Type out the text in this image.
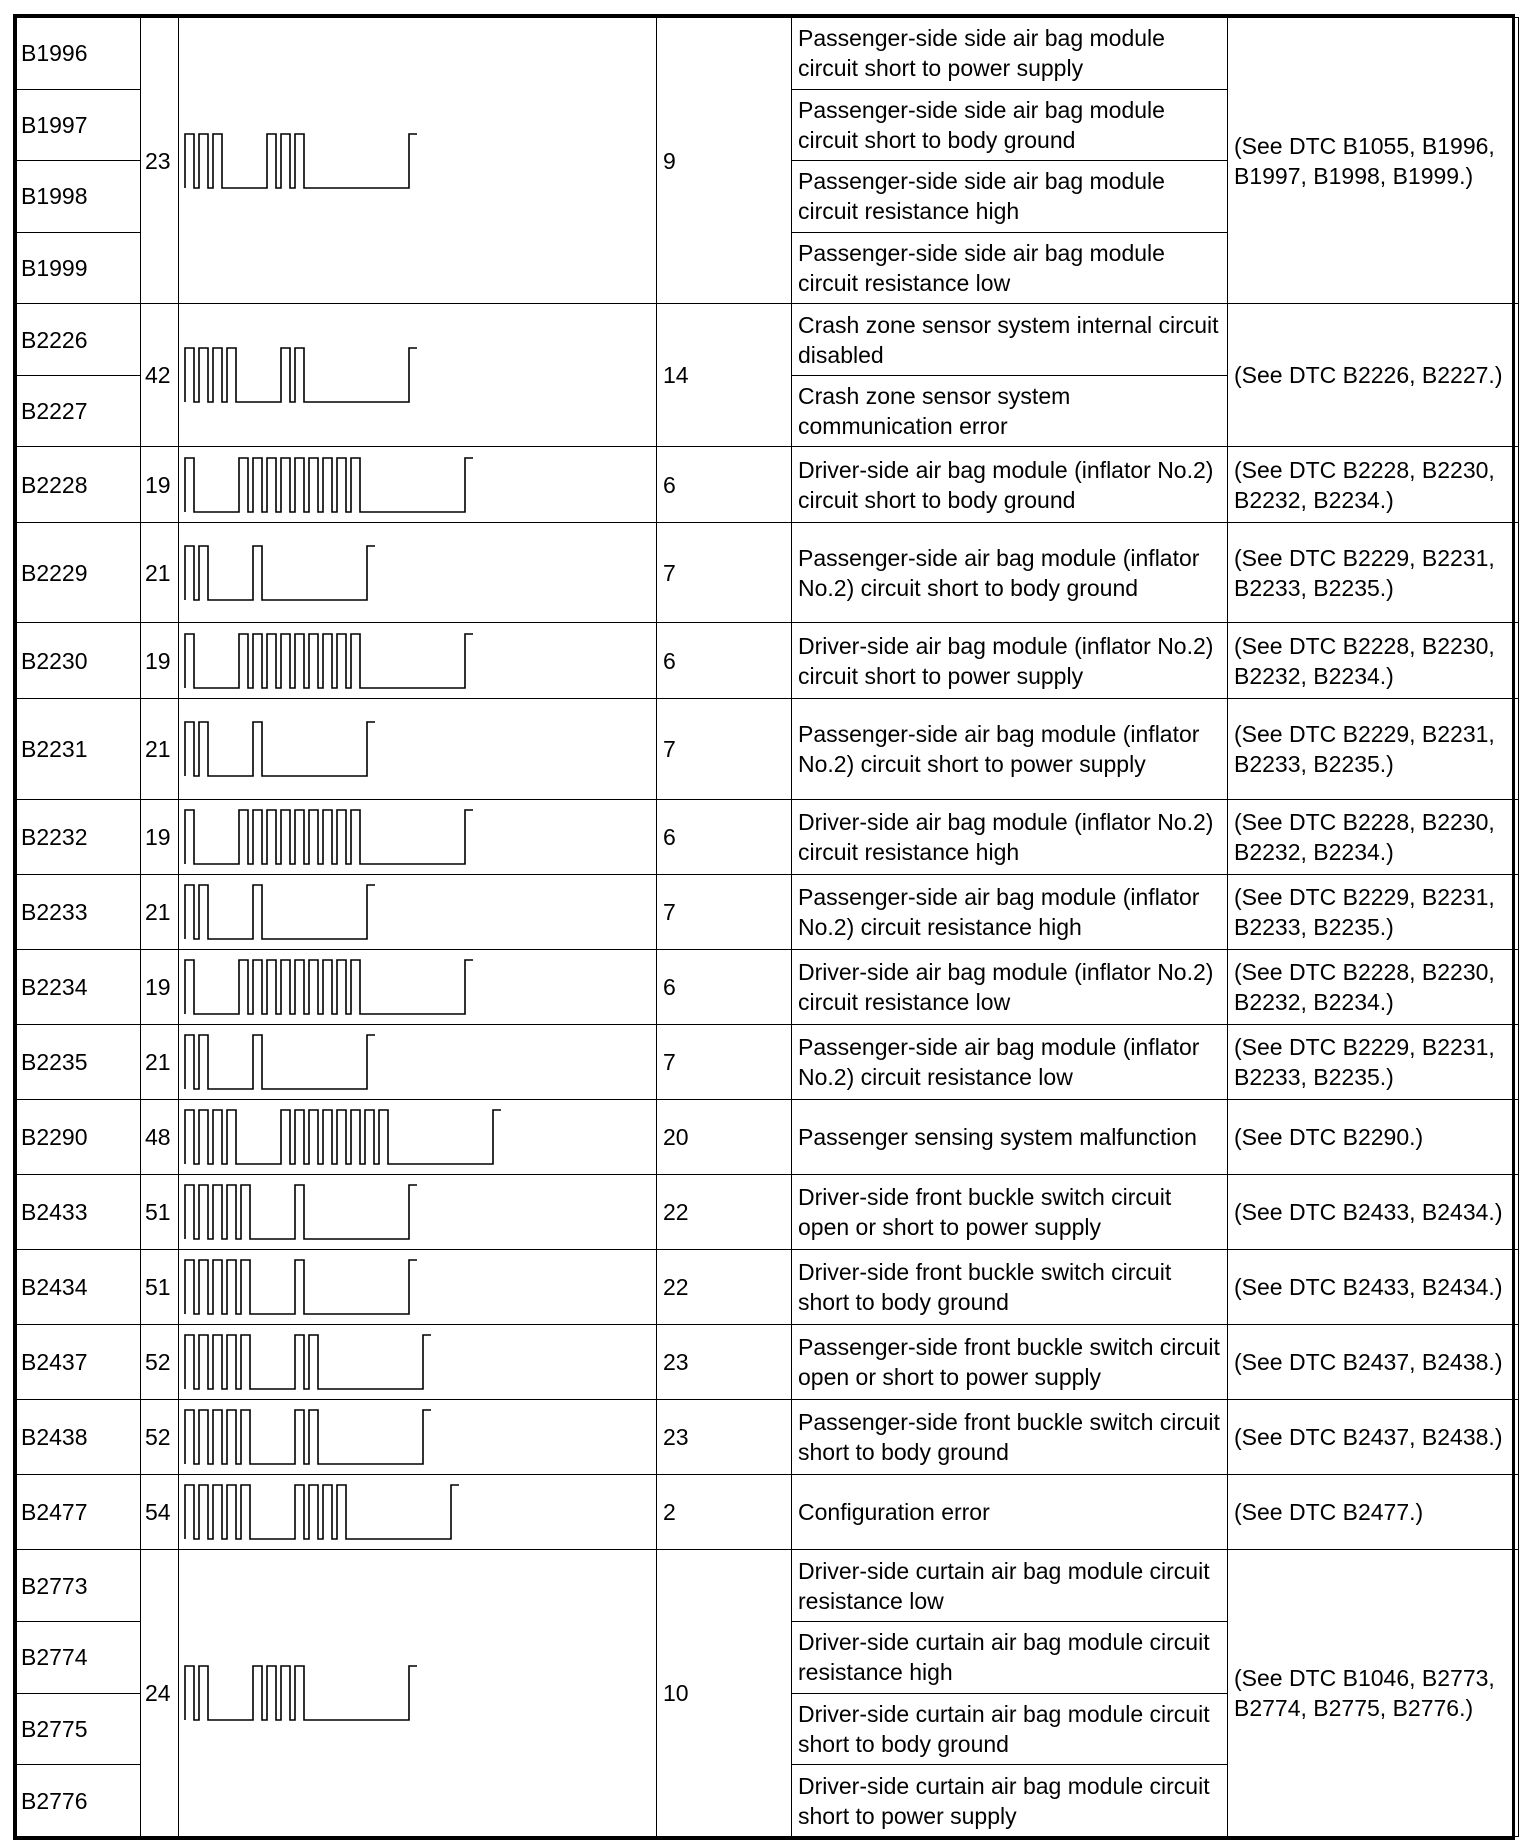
B1996	23		9	Passenger-side side air bag module circuit short to power supply	(See DTC B1055, B1996, B1997, B1998, B1999.)
B1997				Passenger-side side air bag module circuit short to body ground	
B1998				Passenger-side side air bag module circuit resistance high	
B1999				Passenger-side side air bag module circuit resistance low	
B2226	42		14	Crash zone sensor system internal circuit disabled	(See DTC B2226, B2227.)
B2227				Crash zone sensor system communication error	
B2228	19		6	Driver-side air bag module (inflator No.2) circuit short to body ground	(See DTC B2228, B2230, B2232, B2234.)
B2229	21		7	Passenger-side air bag module (inflator No.2) circuit short to body ground	(See DTC B2229, B2231, B2233, B2235.)
B2230	19		6	Driver-side air bag module (inflator No.2) circuit short to power supply	(See DTC B2228, B2230, B2232, B2234.)
B2231	21		7	Passenger-side air bag module (inflator No.2) circuit short to power supply	(See DTC B2229, B2231, B2233, B2235.)
B2232	19		6	Driver-side air bag module (inflator No.2) circuit resistance high	(See DTC B2228, B2230, B2232, B2234.)
B2233	21		7	Passenger-side air bag module (inflator No.2) circuit resistance high	(See DTC B2229, B2231, B2233, B2235.)
B2234	19		6	Driver-side air bag module (inflator No.2) circuit resistance low	(See DTC B2228, B2230, B2232, B2234.)
B2235	21		7	Passenger-side air bag module (inflator No.2) circuit resistance low	(See DTC B2229, B2231, B2233, B2235.)
B2290	48		20	Passenger sensing system malfunction	(See DTC B2290.)
B2433	51		22	Driver-side front buckle switch circuit open or short to power supply	(See DTC B2433, B2434.)
B2434	51		22	Driver-side front buckle switch circuit short to body ground	(See DTC B2433, B2434.)
B2437	52		23	Passenger-side front buckle switch circuit open or short to power supply	(See DTC B2437, B2438.)
B2438	52		23	Passenger-side front buckle switch circuit short to body ground	(See DTC B2437, B2438.)
B2477	54		2	Configuration error	(See DTC B2477.)
B2773	24		10	Driver-side curtain air bag module circuit resistance low	(See DTC B1046, B2773, B2774, B2775, B2776.)
B2774				Driver-side curtain air bag module circuit resistance high	
B2775				Driver-side curtain air bag module circuit short to body ground	
B2776				Driver-side curtain air bag module circuit short to power supply	
